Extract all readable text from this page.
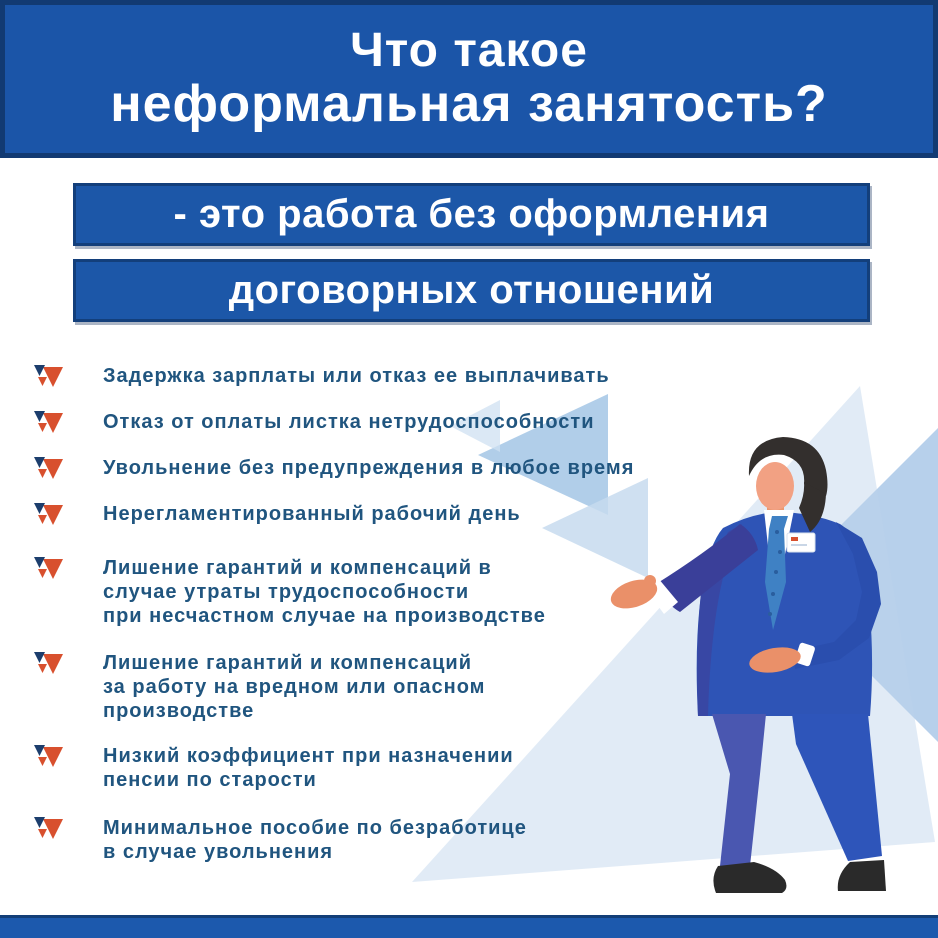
Что такое
неформальная занятость?
- это работа без оформления
договорных отношений
Задержка зарплаты или отказ ее выплачивать
Отказ от оплаты листка нетрудоспособности
Увольнение без предупреждения в любое время
Нерегламентированный рабочий день
Лишение гарантий и компенсаций в
случае утраты трудоспособности
при несчастном случае на производстве
Лишение гарантий и компенсаций
за работу на вредном или опасном
производстве
Низкий коэффициент при назначении
пенсии по старости
Минимальное пособие по безработице
в случае увольнения
